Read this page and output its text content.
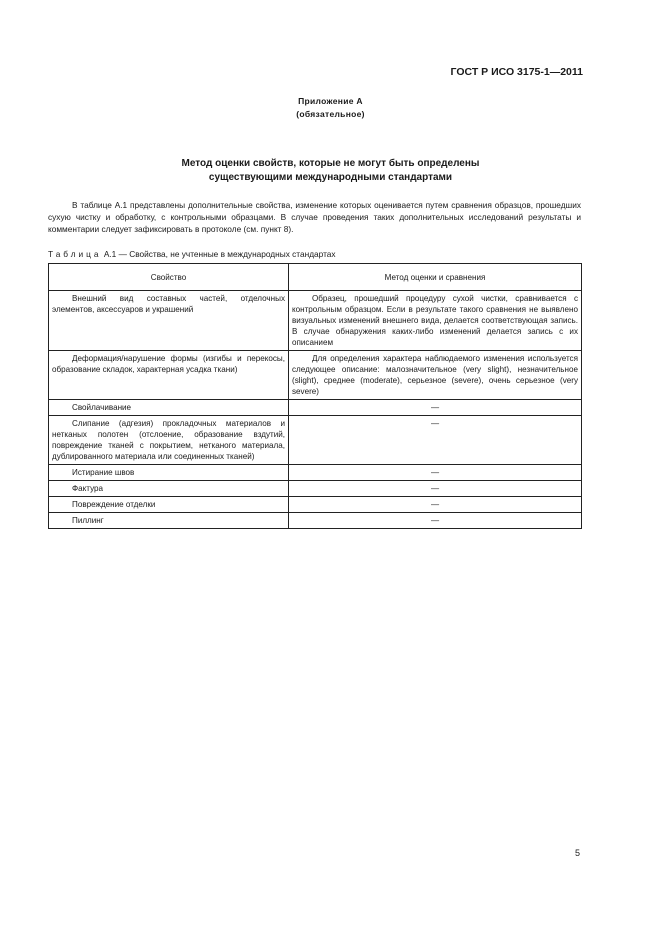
ГОСТ Р ИСО 3175-1—2011
Приложение А
(обязательное)
Метод оценки свойств, которые не могут быть определены
существующими международными стандартами

В таблице А.1 представлены дополнительные свойства, изменение которых оценивается путем сравнения образцов, прошедших сухую чистку и обработку, с контрольными образцами. В случае проведения таких дополнительных исследований результаты и комментарии следует зафиксировать в протоколе (см. пункт 8).

Таблица А.1 — Свойства, не учтенные в международных стандартах
Свойство	Метод оценки и сравнения
Внешний вид составных частей, отделочных элементов, аксессуаров и украшений	Образец, прошедший процедуру сухой чистки, сравнивается с контрольным образцом. Если в результате такого сравнения не выявлено визуальных изменений внешнего вида, делается соответствующая запись. В случае обнаружения каких-либо изменений делается запись с их описанием
Деформация/нарушение формы (изгибы и перекосы, образование складок, характерная усадка ткани)	Для определения характера наблюдаемого изменения используется следующее описание: малозначительное (very slight), незначительное (slight), среднее (moderate), серьезное (severe), очень серьезное (very severe)
Свойлачивание	—
Слипание (адгезия) прокладочных материалов и нетканых полотен (отслоение, образование вздутий, повреждение тканей с покрытием, нетканого материала, дублированного материала или соединенных тканей)	—
Истирание швов	—
Фактура	—
Повреждение отделки	—
Пиллинг	—
5
